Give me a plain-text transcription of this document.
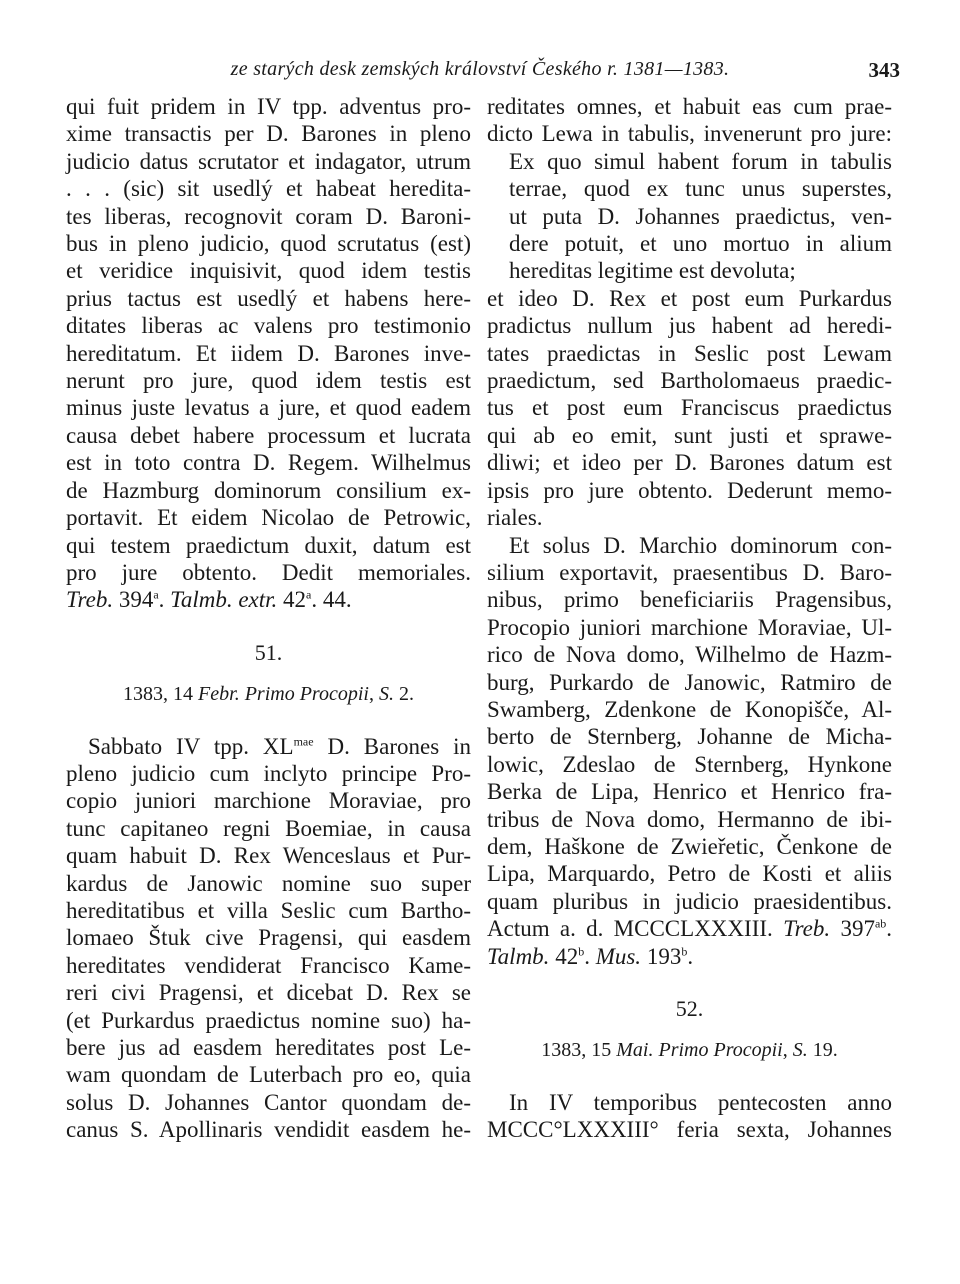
ze starých desk zemských království Českého r. 1381—1383.	343
qui fuit pridem in IV tpp. adventus pro-
xime transactis per D. Barones in pleno
judicio datus scrutator et indagator, utrum
. . . (sic) sit usedlý et habeat heredita-
tes liberas, recognovit coram D. Baroni-
bus in pleno judicio, quod scrutatus (est)
et veridice inquisivit, quod idem testis
prius tactus est usedlý et habens here-
ditates liberas ac valens pro testimonio
hereditatum. Et iidem D. Barones inve-
nerunt pro jure, quod idem testis est
minus juste levatus a jure, et quod eadem
causa debet habere processum et lucrata
est in toto contra D. Regem. Wilhelmus
de Hazmburg dominorum consilium ex-
portavit. Et eidem Nicolao de Petrowic,
qui testem praedictum duxit, datum est
pro jure obtento. Dedit memoriales.
Treb. 394$^a$. Talmb. extr. 42$^a$. 44.
51.
1383, 14 Febr. Primo Procopii, S. 2.
Sabbato IV tpp. $XL^{mae}$ D. Barones in
pleno judicio cum inclyto principe Pro-
copio juniori marchione Moraviae, pro
tunc capitaneo regni Boemiae, in causa
quam habuit D. Rex Wenceslaus et Pur-
kardus de Janowic nomine suo super
hereditatibus et villa Seslic cum Bartho-
lomaeo Štuk cive Pragensi, qui easdem
hereditates vendiderat Francisco Kame-
reri civi Pragensi, et dicebat D. Rex se
(et Purkardus praedictus nomine suo) ha-
bere jus ad easdem hereditates post Le-
wam quondam de Luterbach pro eo, quia
solus D. Johannes Cantor quondam de-
canus S. Apollinaris vendidit easdem he-
reditates omnes, et habuit eas cum prae-
dicto Lewa in tabulis, invenerunt pro jure:
Ex quo simul habent forum in tabulis
terrae, quod ex tunc unus superstes,
ut puta D. Johannes praedictus, ven-
dere potuit, et uno mortuo in alium
hereditas legitime est devoluta;
et ideo D. Rex et post eum Purkardus
pradictus nullum jus habent ad heredi-
tates praedictas in Seslic post Lewam
praedictum, sed Bartholomaeus praedic-
tus et post eum Franciscus praedictus
qui ab eo emit, sunt justi et sprawe-
dliwi; et ideo per D. Barones datum est
ipsis pro jure obtento. Dederunt memo-
riales.
Et solus D. Marchio dominorum con-
silium exportavit, praesentibus D. Baro-
nibus, primo beneficiariis Pragensibus,
Procopio juniori marchione Moraviae, Ul-
rico de Nova domo, Wilhelmo de Hazm-
burg, Purkardo de Janowic, Ratmiro de
Swamberg, Zdenkone de Konopišče, Al-
berto de Sternberg, Johanne de Micha-
lowic, Zdeslao de Sternberg, Hynkone
Berka de Lipa, Henrico et Henrico fra-
tribus de Nova domo, Hermanno de ibi-
dem, Haškone de Zwieřetic, Čenkone de
Lipa, Marquardo, Petro de Kosti et aliis
quam pluribus in judicio praesidentibus.
Actum a. d. MCCCLXXXIII. Treb. $397^{ab}$.
Talmb. 42$^b$. Mus. 193$^b$.
52.
1383, 15 Mai. Primo Procopii, S. 19.
In IV temporibus pentecosten anno
MCCC°LXXXIII° feria sexta, Johannes
